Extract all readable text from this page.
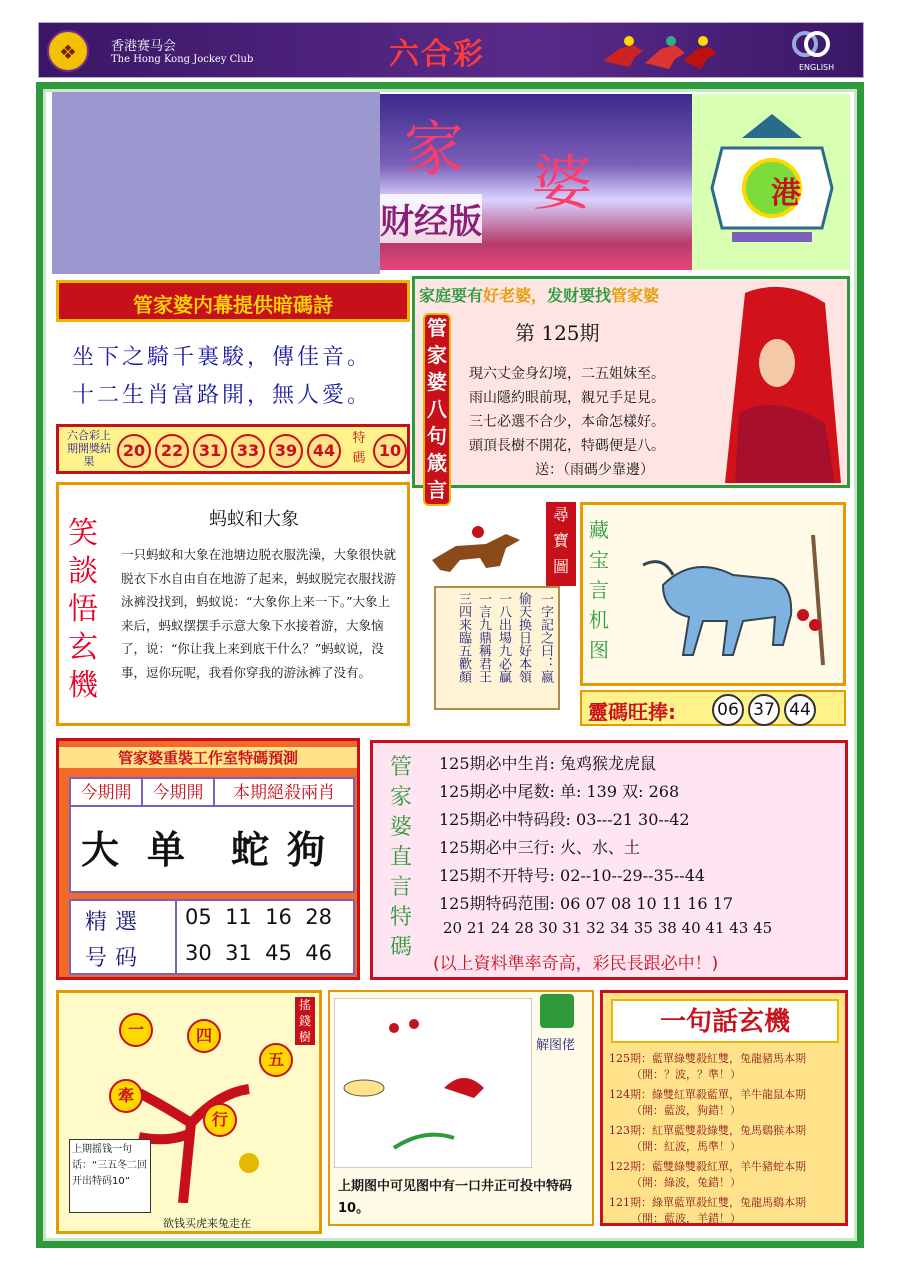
❖	香港赛马会
The Hong Kong Jockey Club	六合彩	ENGLISH
家 婆
财经版
港
管家婆内幕提供暗碼詩
坐下之騎千裏駿，傳佳音。
十二生肖富路開，無人愛。
六合彩上期開獎結果
20 22 31 33 39 44
特碼 10
家庭要有好老婆，发财要找管家婆
管家婆八句箴言
第 125期
現六丈金身幻境，二五姐妹至。
雨山隱約眼前現，親兄手足見。
三七必選不合少，本命怎樣好。
頭頂長樹不開花，特碼便是八。
送：（雨碼少靠邊）
笑談悟玄機
蚂蚁和大象
一只蚂蚁和大象在池塘边脱衣服洗澡，大象很快就脱衣下水自由自在地游了起来，蚂蚁脱完衣服找游泳裤没找到，蚂蚁说：“大象你上来一下。”大象上来后，蚂蚁摆摆手示意大象下水接着游，大象恼了，说：“你让我上来到底干什么？”蚂蚁说，没事，逗你玩呢，我看你穿我的游泳裤了没有。	一字記之曰：嬴
偷天换日好本領
一八出場九必贏
一言九鼎稱君王
三四来臨五歡顏
尋寶圖
藏宝言机图
靈碼旺捧:	06 37 44
管家婆重裝工作室特碼預測
今期開	今期開	本期絕殺兩肖
大 单 蛇 狗
精選
号码
05  11  16  28
30  31  45  46
管家婆直言特碼
125期必中生肖: 兔鸡猴龙虎鼠
125期必中尾数: 单: 139 双: 268
125期必中特码段: 03---21 30--42
125期必中三行: 火、水、土
125期不开特号: 02--10--29--35--44
125期特码范围: 06 07 08 10 11 16 17
20 21 24 28 30 31 32 34 35 38 40 41 43 45
(以上資料準率奇高，彩民長跟必中！)
搖錢樹
一	四
五
牽
行
上期摇钱一句话：“三五冬二回开出特码10”
欲钱买虎来兔走在
解图佬
上期图中可见图中有一口井正可投中特码10。
一句話玄機
125期：藍單綠雙殺紅雙，兔龍豬馬本期
（開：？波，？準！）
124期：綠雙紅單殺藍單，羊牛龍鼠本期
（開：藍波，狗錯！）
123期：紅單藍雙殺綠雙，兔馬鷄猴本期
（開：紅波，馬準！）
122期：藍雙綠雙殺紅單，羊牛豬蛇本期
（開：綠波，兔錯！）
121期：綠單藍單殺紅雙，兔龍馬鷄本期
（開：藍波，羊錯！）
